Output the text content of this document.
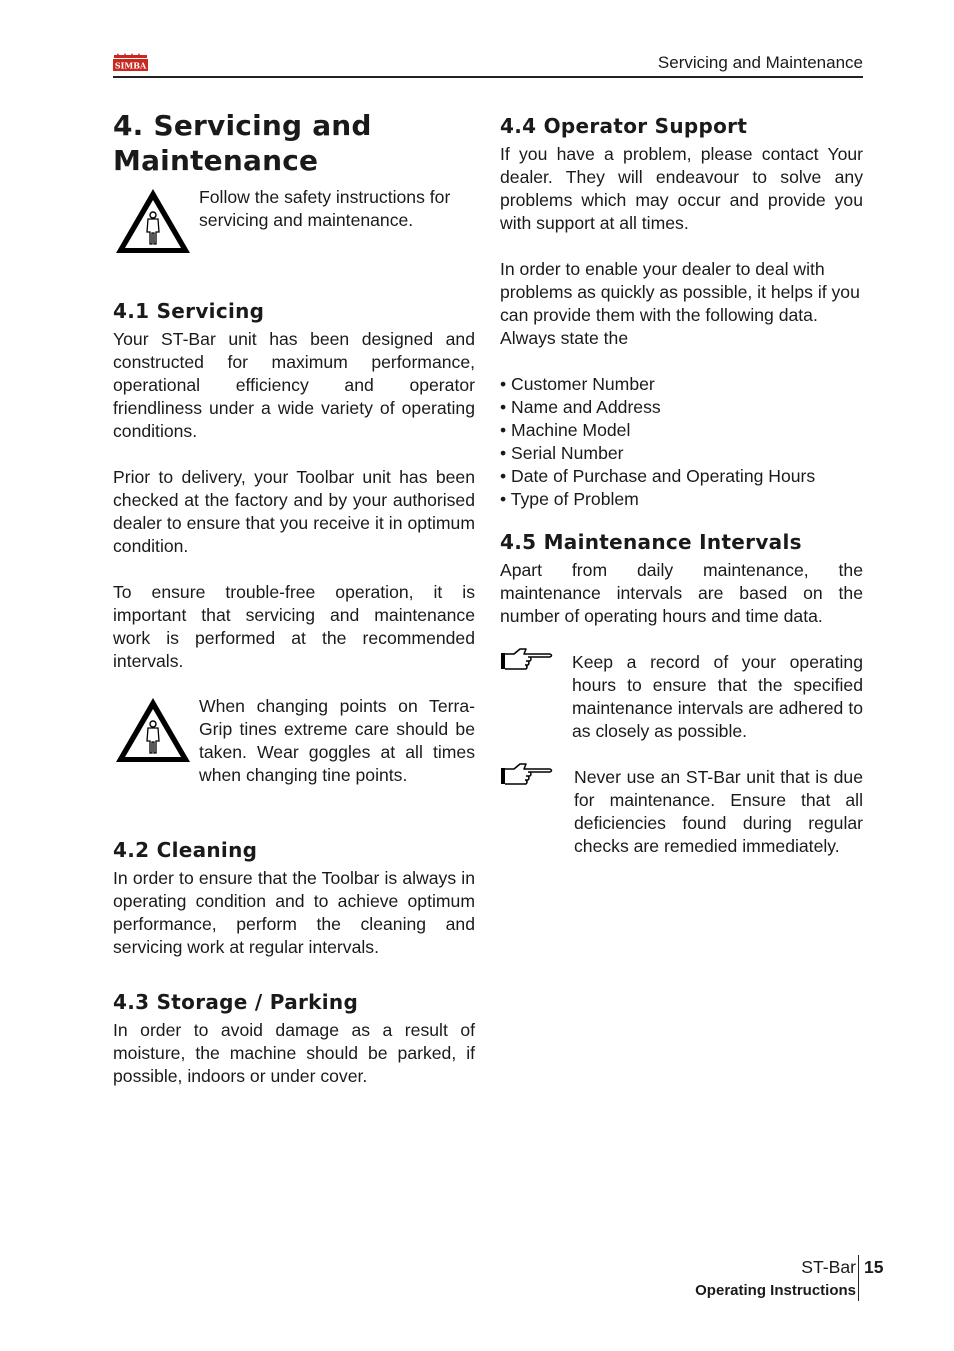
SIMBA	Servicing and Maintenance
4. Servicing and Maintenance

Follow the safety instructions for servicing and maintenance.

4.1 Servicing

Your ST-Bar unit has been designed and constructed for maximum performance, operational efficiency and operator friendliness under a wide variety of operating conditions.

Prior to delivery, your Toolbar unit has been checked at the factory and by your authorised dealer to ensure that you receive it in optimum condition.

To ensure trouble-free operation, it is important that servicing and maintenance work is performed at the recommended intervals.

When changing points on Terra-Grip tines extreme care should be taken. Wear goggles at all times when changing tine points.

4.2 Cleaning

In order to ensure that the Toolbar is always in operating condition and to achieve optimum performance, perform the cleaning and servicing work at regular intervals.

4.3 Storage / Parking

In order to avoid damage as a result of moisture, the machine should be parked, if possible, indoors or under cover.

4.4 Operator Support

If you have a problem, please contact Your dealer. They will endeavour to solve any problems which may occur and provide you with support at all times.

In order to enable your dealer to deal with problems as quickly as possible, it helps if you can provide them with the following data. Always state the

• Customer Number
• Name and Address
• Machine Model
• Serial Number
• Date of Purchase and Operating Hours
• Type of Problem
4.5 Maintenance Intervals

Apart from daily maintenance, the maintenance intervals are based on the number of operating hours and time data.

Keep a record of your operating hours to ensure that the specified maintenance intervals are adhered to as closely as possible.

Never use an ST-Bar unit that is due for maintenance. Ensure that all deficiencies found during regular checks are remedied immediately.

ST-Bar
Operating Instructions
15
